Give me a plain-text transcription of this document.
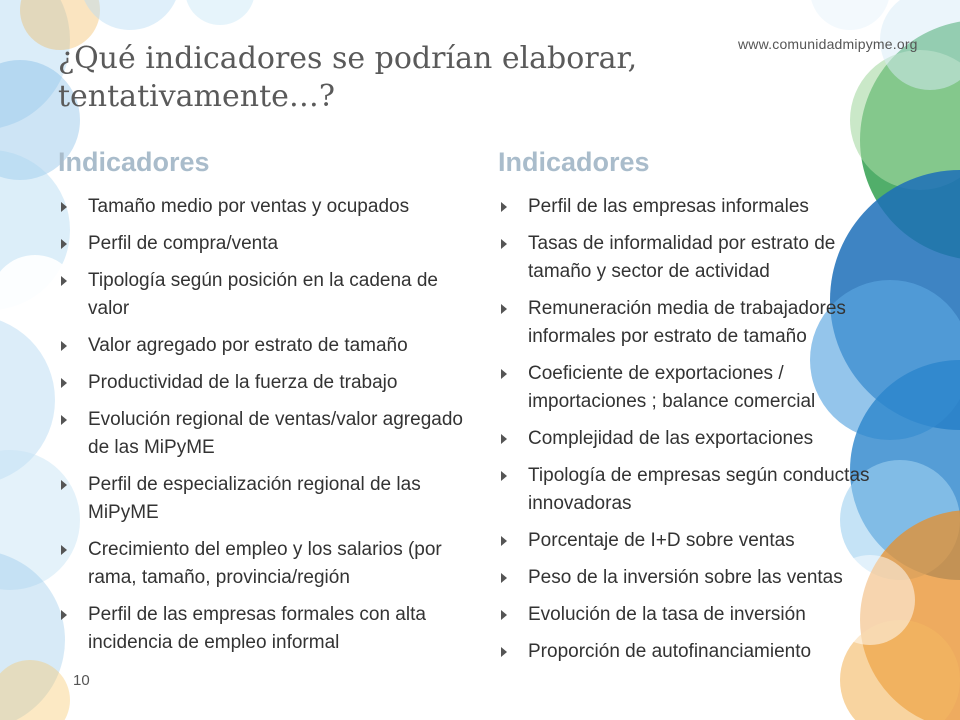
¿Qué indicadores se podrían elaborar, tentativamente…?
www.comunidadmipyme.org
Indicadores
Tamaño medio por ventas y ocupados
Perfil de compra/venta
Tipología según posición en la cadena de valor
Valor agregado por estrato de tamaño
Productividad de la fuerza de trabajo
Evolución regional de ventas/valor agregado de las MiPyME
Perfil de especialización regional de las MiPyME
Crecimiento del empleo y los salarios (por rama, tamaño, provincia/región
Perfil de las empresas formales con alta incidencia de empleo informal
Indicadores
Perfil de las empresas informales
Tasas de informalidad por estrato de tamaño y sector de actividad
Remuneración media de trabajadores informales por estrato de tamaño
Coeficiente de exportaciones / importaciones ; balance comercial
Complejidad de las exportaciones
Tipología de empresas según conductas innovadoras
Porcentaje de I+D sobre ventas
Peso de la inversión sobre las ventas
Evolución de la tasa de inversión
Proporción de autofinanciamiento
10
